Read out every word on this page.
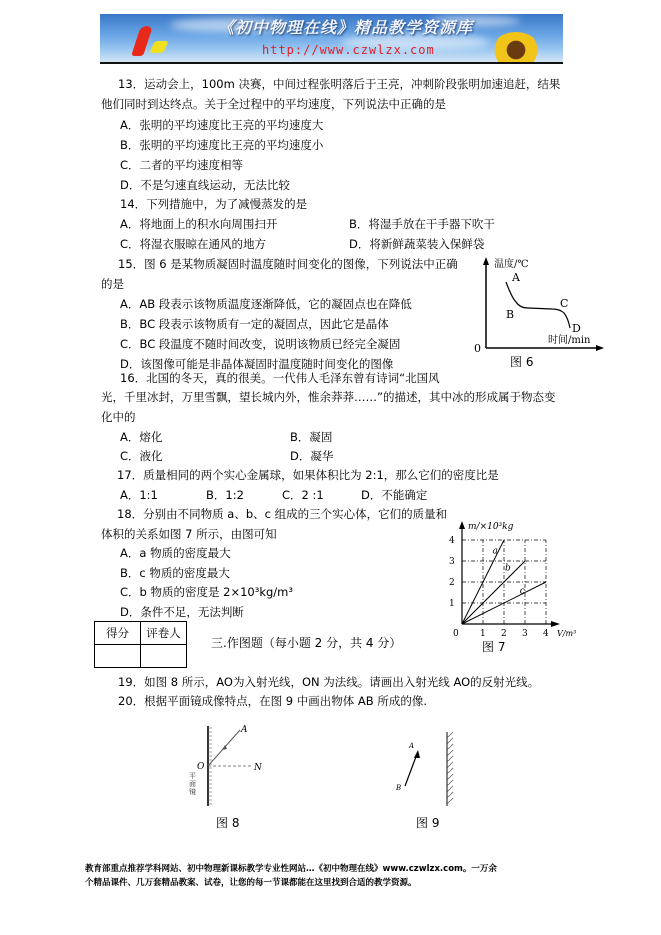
《初中物理在线》精品教学资源库
http://www.czwlzx.com
13．运动会上，100m 决赛，中间过程张明落后于王亮，冲刺阶段张明加速追赶，结果
他们同时到达终点。关于全过程中的平均速度，下列说法中正确的是
A．张明的平均速度比王亮的平均速度大
B．张明的平均速度比王亮的平均速度小
C．二者的平均速度相等
D．不是匀速直线运动，无法比较
14．下列措施中，为了减慢蒸发的是
A．将地面上的积水向周围扫开	B．将湿手放在干手器下吹干
C．将湿衣服晾在通风的地方	D．将新鲜蔬菜装入保鲜袋
15．图 6 是某物质凝固时温度随时间变化的图像，下列说法中正确
的是
A．AB 段表示该物质温度逐渐降低，它的凝固点也在降低
B．BC 段表示该物质有一定的凝固点，因此它是晶体
C．BC 段温度不随时间改变，说明该物质已经完全凝固
D．该图像可能是非晶体凝固时温度随时间变化的图像
温度/℃
A
B
C
D
时间/min
0
图 6
16．北国的冬天，真的很美。一代伟人毛泽东曾有诗词“北国风
光，千里冰封，万里雪飘，望长城内外，惟余莽莽……”的描述，其中冰的形成属于物态变
化中的
A．熔化	B．凝固
C．液化	D．凝华
17．质量相同的两个实心金属球，如果体积比为 2:1，那么它们的密度比是
A．1:1	B．1:2	C．2 :1	D．不能确定
18．分别由不同物质 a、b、c 组成的三个实心体，它们的质量和
体积的关系如图 7 所示，由图可知
A．a 物质的密度最大
B．c 物质的密度最大
C．b 物质的密度是 2×10³kg/m³
D．条件不足，无法判断
a
b
c
m/×10³kg
V/m³
0 1 2 3 4
1
2
3
4
图 7
得分	评卷人

三.作图题（每小题 2 分，共 4 分）
19．如图 8 所示，AO为入射光线，ON 为法线。请画出入射光线 AO的反射光线。
20．根据平面镜成像特点，在图 9 中画出物体 AB 所成的像.
A
O	N
平面镜
图 8
A
B
图 9
教育部重点推荐学科网站、初中物理新课标教学专业性网站…《初中物理在线》www.czwlzx.com。一万余
个精品课件、几万套精品教案、试卷，让您的每一节课都能在这里找到合适的教学资源。
